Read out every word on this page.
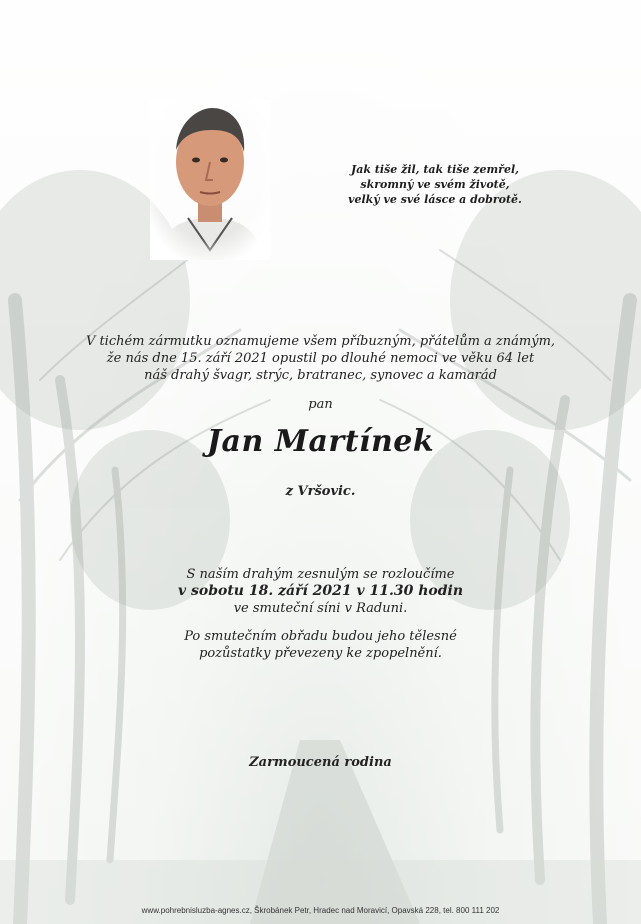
Jak tiše žil, tak tiše zemřel,
skromný ve svém životě,
velký ve své lásce a dobrotě.
V tichém zármutku oznamujeme všem příbuzným, přátelům a známým,
že nás dne 15. září 2021 opustil po dlouhé nemoci ve věku 64 let
náš drahý švagr, strýc, bratranec, synovec a kamarád
pan
Jan Martínek
z Vršovic.
S naším drahým zesnulým se rozloučíme
v sobotu 18. září 2021 v 11.30 hodin
ve smuteční síni v Raduni.
Po smutečním obřadu budou jeho tělesné
pozůstatky převezeny ke zpopelnění.
Zarmoucená rodina
www.pohrebnisluzba-agnes.cz, Škrobánek Petr, Hradec nad Moravicí, Opavská 228, tel. 800 111 202
